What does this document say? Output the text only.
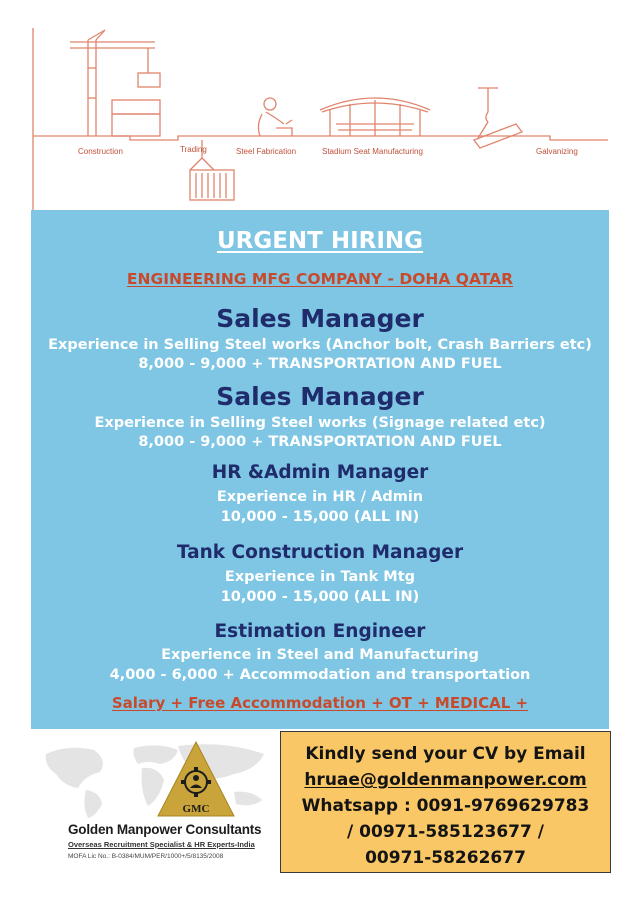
Construction	Trading	Steel Fabrication	Stadium Seat Manufacturing	Galvanizing

URGENT HIRING

ENGINEERING MFG COMPANY - DOHA QATAR

Sales Manager

Experience in Selling Steel works (Anchor bolt, Crash Barriers etc)

8,000 - 9,000 + TRANSPORTATION AND FUEL

Sales Manager

Experience in Selling Steel works (Signage related etc)

8,000 - 9,000 + TRANSPORTATION AND FUEL

HR &Admin Manager

Experience in HR / Admin

10,000 - 15,000 (ALL IN)

Tank Construction Manager

Experience in Tank Mtg

10,000 - 15,000 (ALL IN)

Estimation Engineer

Experience in Steel and Manufacturing

4,000 - 6,000 + Accommodation and transportation

Salary + Free Accommodation + OT + MEDICAL +

GMC
Golden Manpower Consultants
Overseas Recruitment Specialist & HR Experts-India
MOFA Lic No.: B-0384/MUM/PER/1000+/5/8135/2008

Kindly send your CV by Email

hruae@goldenmanpower.com

Whatsapp : 0091-9769629783

/ 00971-585123677 /

00971-58262677
